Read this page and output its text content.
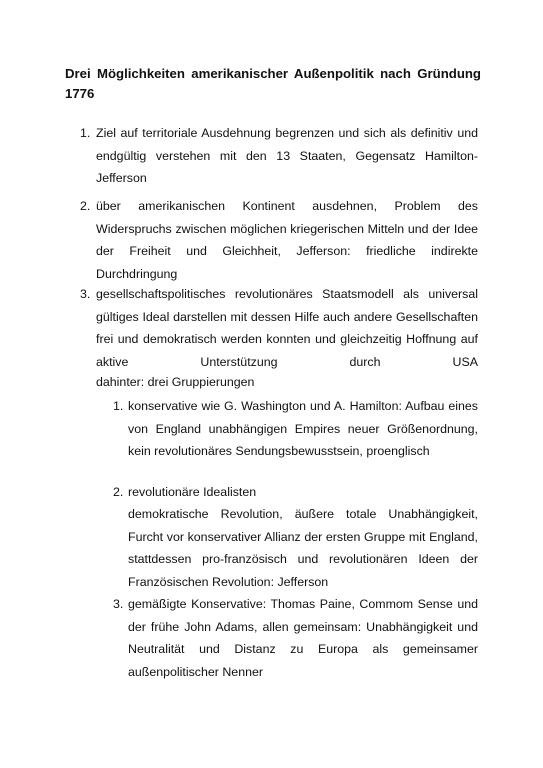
Drei Möglichkeiten amerikanischer Außenpolitik nach Gründung 1776
1. Ziel auf territoriale Ausdehnung begrenzen und sich als definitiv und endgültig verstehen mit den 13 Staaten, Gegensatz Hamilton-Jefferson
2. über amerikanischen Kontinent ausdehnen, Problem des Widerspruchs zwischen möglichen kriegerischen Mitteln und der Idee der Freiheit und Gleichheit, Jefferson: friedliche indirekte Durchdringung
3. gesellschaftspolitisches revolutionäres Staatsmodell als universal gültiges Ideal darstellen mit dessen Hilfe auch andere Gesellschaften frei und demokratisch werden konnten und gleichzeitig Hoffnung auf aktive Unterstützung durch USA
dahinter: drei Gruppierungen
1. konservative wie G. Washington und A. Hamilton: Aufbau eines von England unabhängigen Empires neuer Größenordnung, kein revolutionäres Sendungsbewusstsein, proenglisch
2. revolutionäre Idealisten
demokratische Revolution, äußere totale Unabhängigkeit, Furcht vor konservativer Allianz der ersten Gruppe mit England, stattdessen pro-französisch und revolutionären Ideen der Französischen Revolution: Jefferson
3. gemäßigte Konservative: Thomas Paine, Commom Sense und der frühe John Adams, allen gemeinsam: Unabhängigkeit und Neutralität und Distanz zu Europa als gemeinsamer außenpolitischer Nenner
